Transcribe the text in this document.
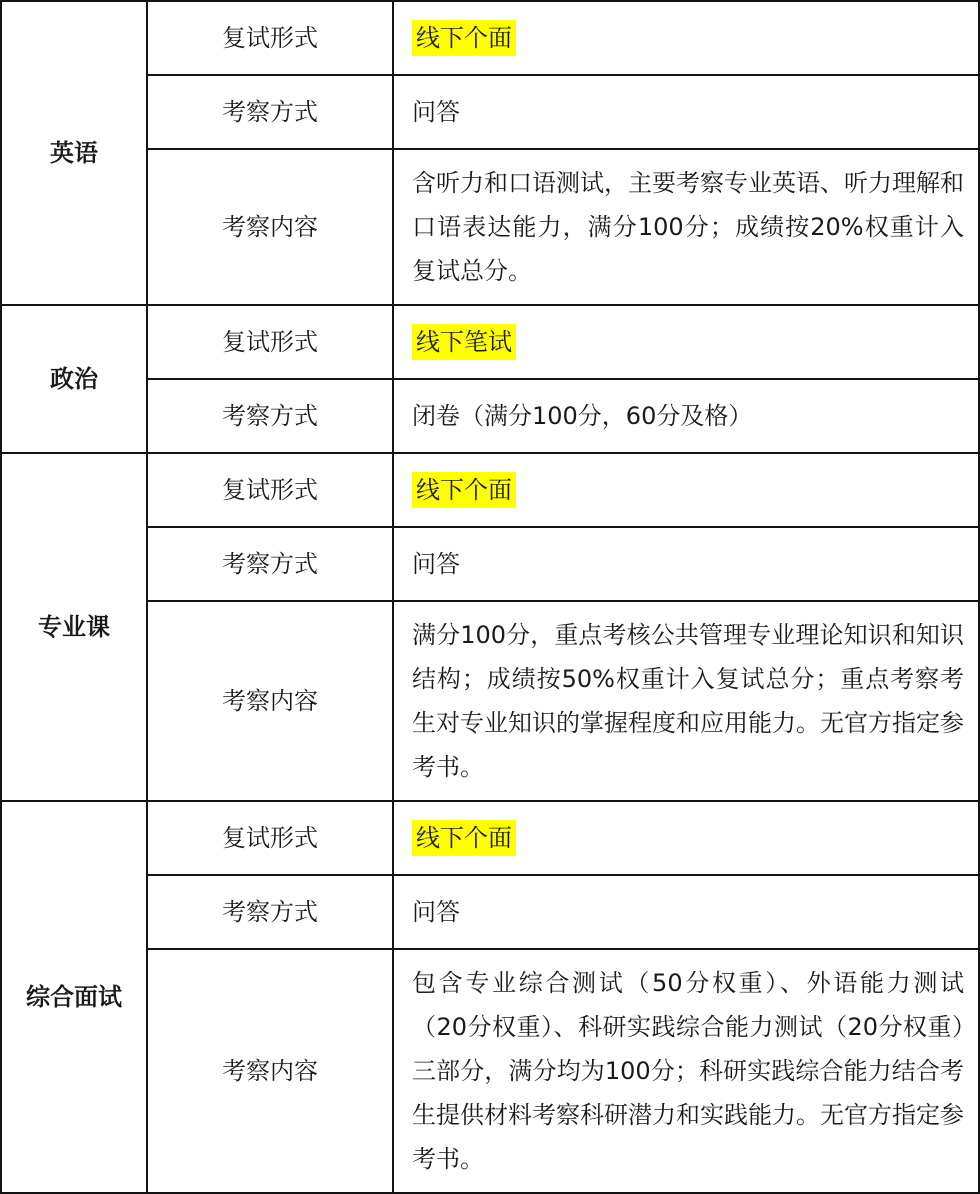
英语	复试形式	线下个面
	考察方式	问答
	考察内容	含听力和口语测试，主要考察专业英语、听力理解和口语表达能力，满分100分；成绩按20%权重计入复试总分。
政治	复试形式	线下笔试
	考察方式	闭卷（满分100分，60分及格）
专业课	复试形式	线下个面
	考察方式	问答
	考察内容	满分100分，重点考核公共管理专业理论知识和知识结构；成绩按50%权重计入复试总分；重点考察考生对专业知识的掌握程度和应用能力。无官方指定参考书。
综合面试	复试形式	线下个面
	考察方式	问答
	考察内容	包含专业综合测试（50分权重）、外语能力测试（20分权重）、科研实践综合能力测试（20分权重）三部分，满分均为100分；科研实践综合能力结合考生提供材料考察科研潜力和实践能力。无官方指定参考书。
